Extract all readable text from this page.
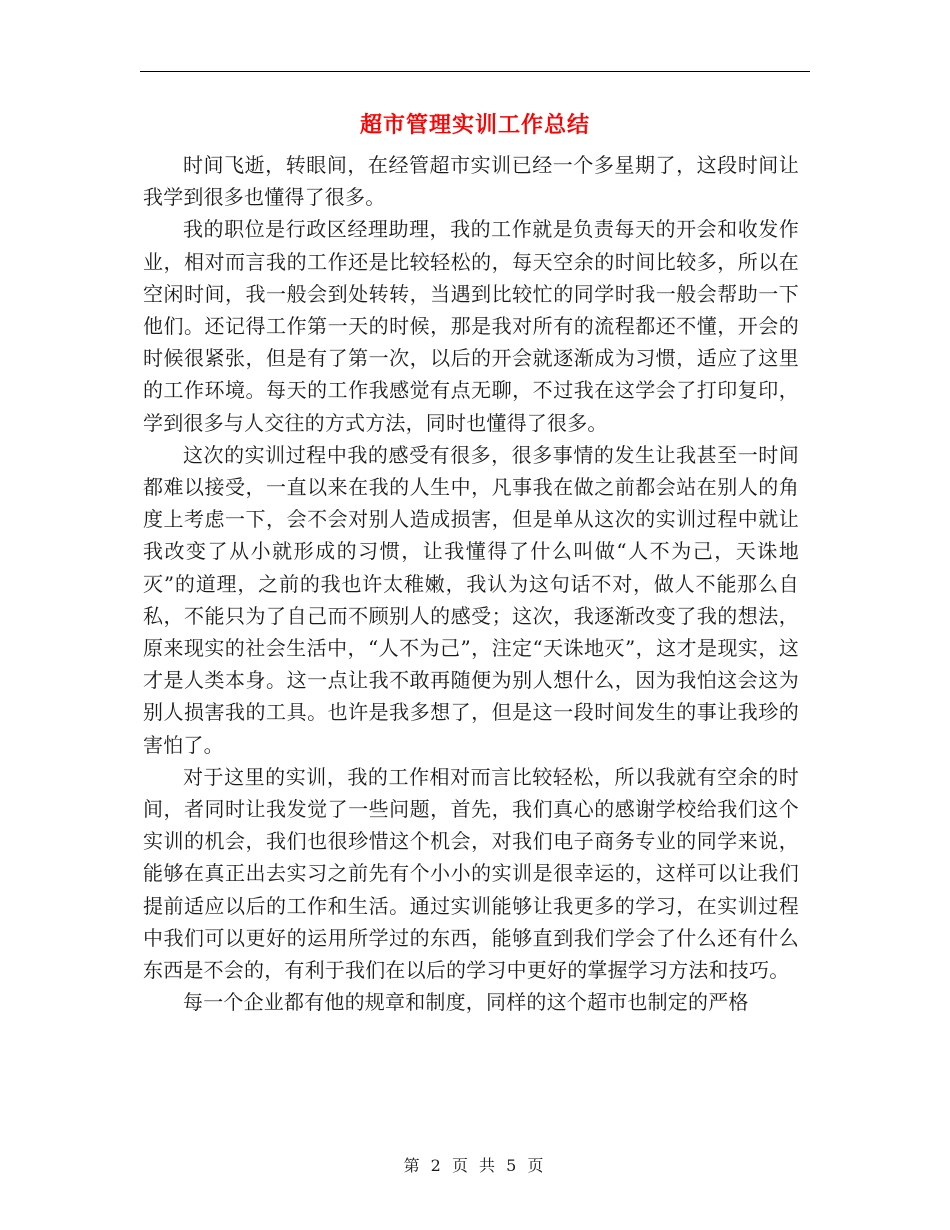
超市管理实训工作总结

时间飞逝，转眼间，在经管超市实训已经一个多星期了，这段时间让我学到很多也懂得了很多。

我的职位是行政区经理助理，我的工作就是负责每天的开会和收发作业，相对而言我的工作还是比较轻松的，每天空余的时间比较多，所以在空闲时间，我一般会到处转转，当遇到比较忙的同学时我一般会帮助一下他们。还记得工作第一天的时候，那是我对所有的流程都还不懂，开会的时候很紧张，但是有了第一次，以后的开会就逐渐成为习惯，适应了这里的工作环境。每天的工作我感觉有点无聊，不过我在这学会了打印复印，学到很多与人交往的方式方法，同时也懂得了很多。

这次的实训过程中我的感受有很多，很多事情的发生让我甚至一时间都难以接受，一直以来在我的人生中，凡事我在做之前都会站在别人的角度上考虑一下，会不会对别人造成损害，但是单从这次的实训过程中就让我改变了从小就形成的习惯，让我懂得了什么叫做“人不为己，天诛地灭”的道理，之前的我也许太稚嫩，我认为这句话不对，做人不能那么自私，不能只为了自己而不顾别人的感受；这次，我逐渐改变了我的想法，原来现实的社会生活中，“人不为己”，注定“天诛地灭”，这才是现实，这才是人类本身。这一点让我不敢再随便为别人想什么，因为我怕这会这为别人损害我的工具。也许是我多想了，但是这一段时间发生的事让我珍的害怕了。

对于这里的实训，我的工作相对而言比较轻松，所以我就有空余的时间，者同时让我发觉了一些问题，首先，我们真心的感谢学校给我们这个实训的机会，我们也很珍惜这个机会，对我们电子商务专业的同学来说，能够在真正出去实习之前先有个小小的实训是很幸运的，这样可以让我们提前适应以后的工作和生活。通过实训能够让我更多的学习，在实训过程中我们可以更好的运用所学过的东西，能够直到我们学会了什么还有什么东西是不会的，有利于我们在以后的学习中更好的掌握学习方法和技巧。

每一个企业都有他的规章和制度，同样的这个超市也制定的严格

第 2 页 共 5 页
